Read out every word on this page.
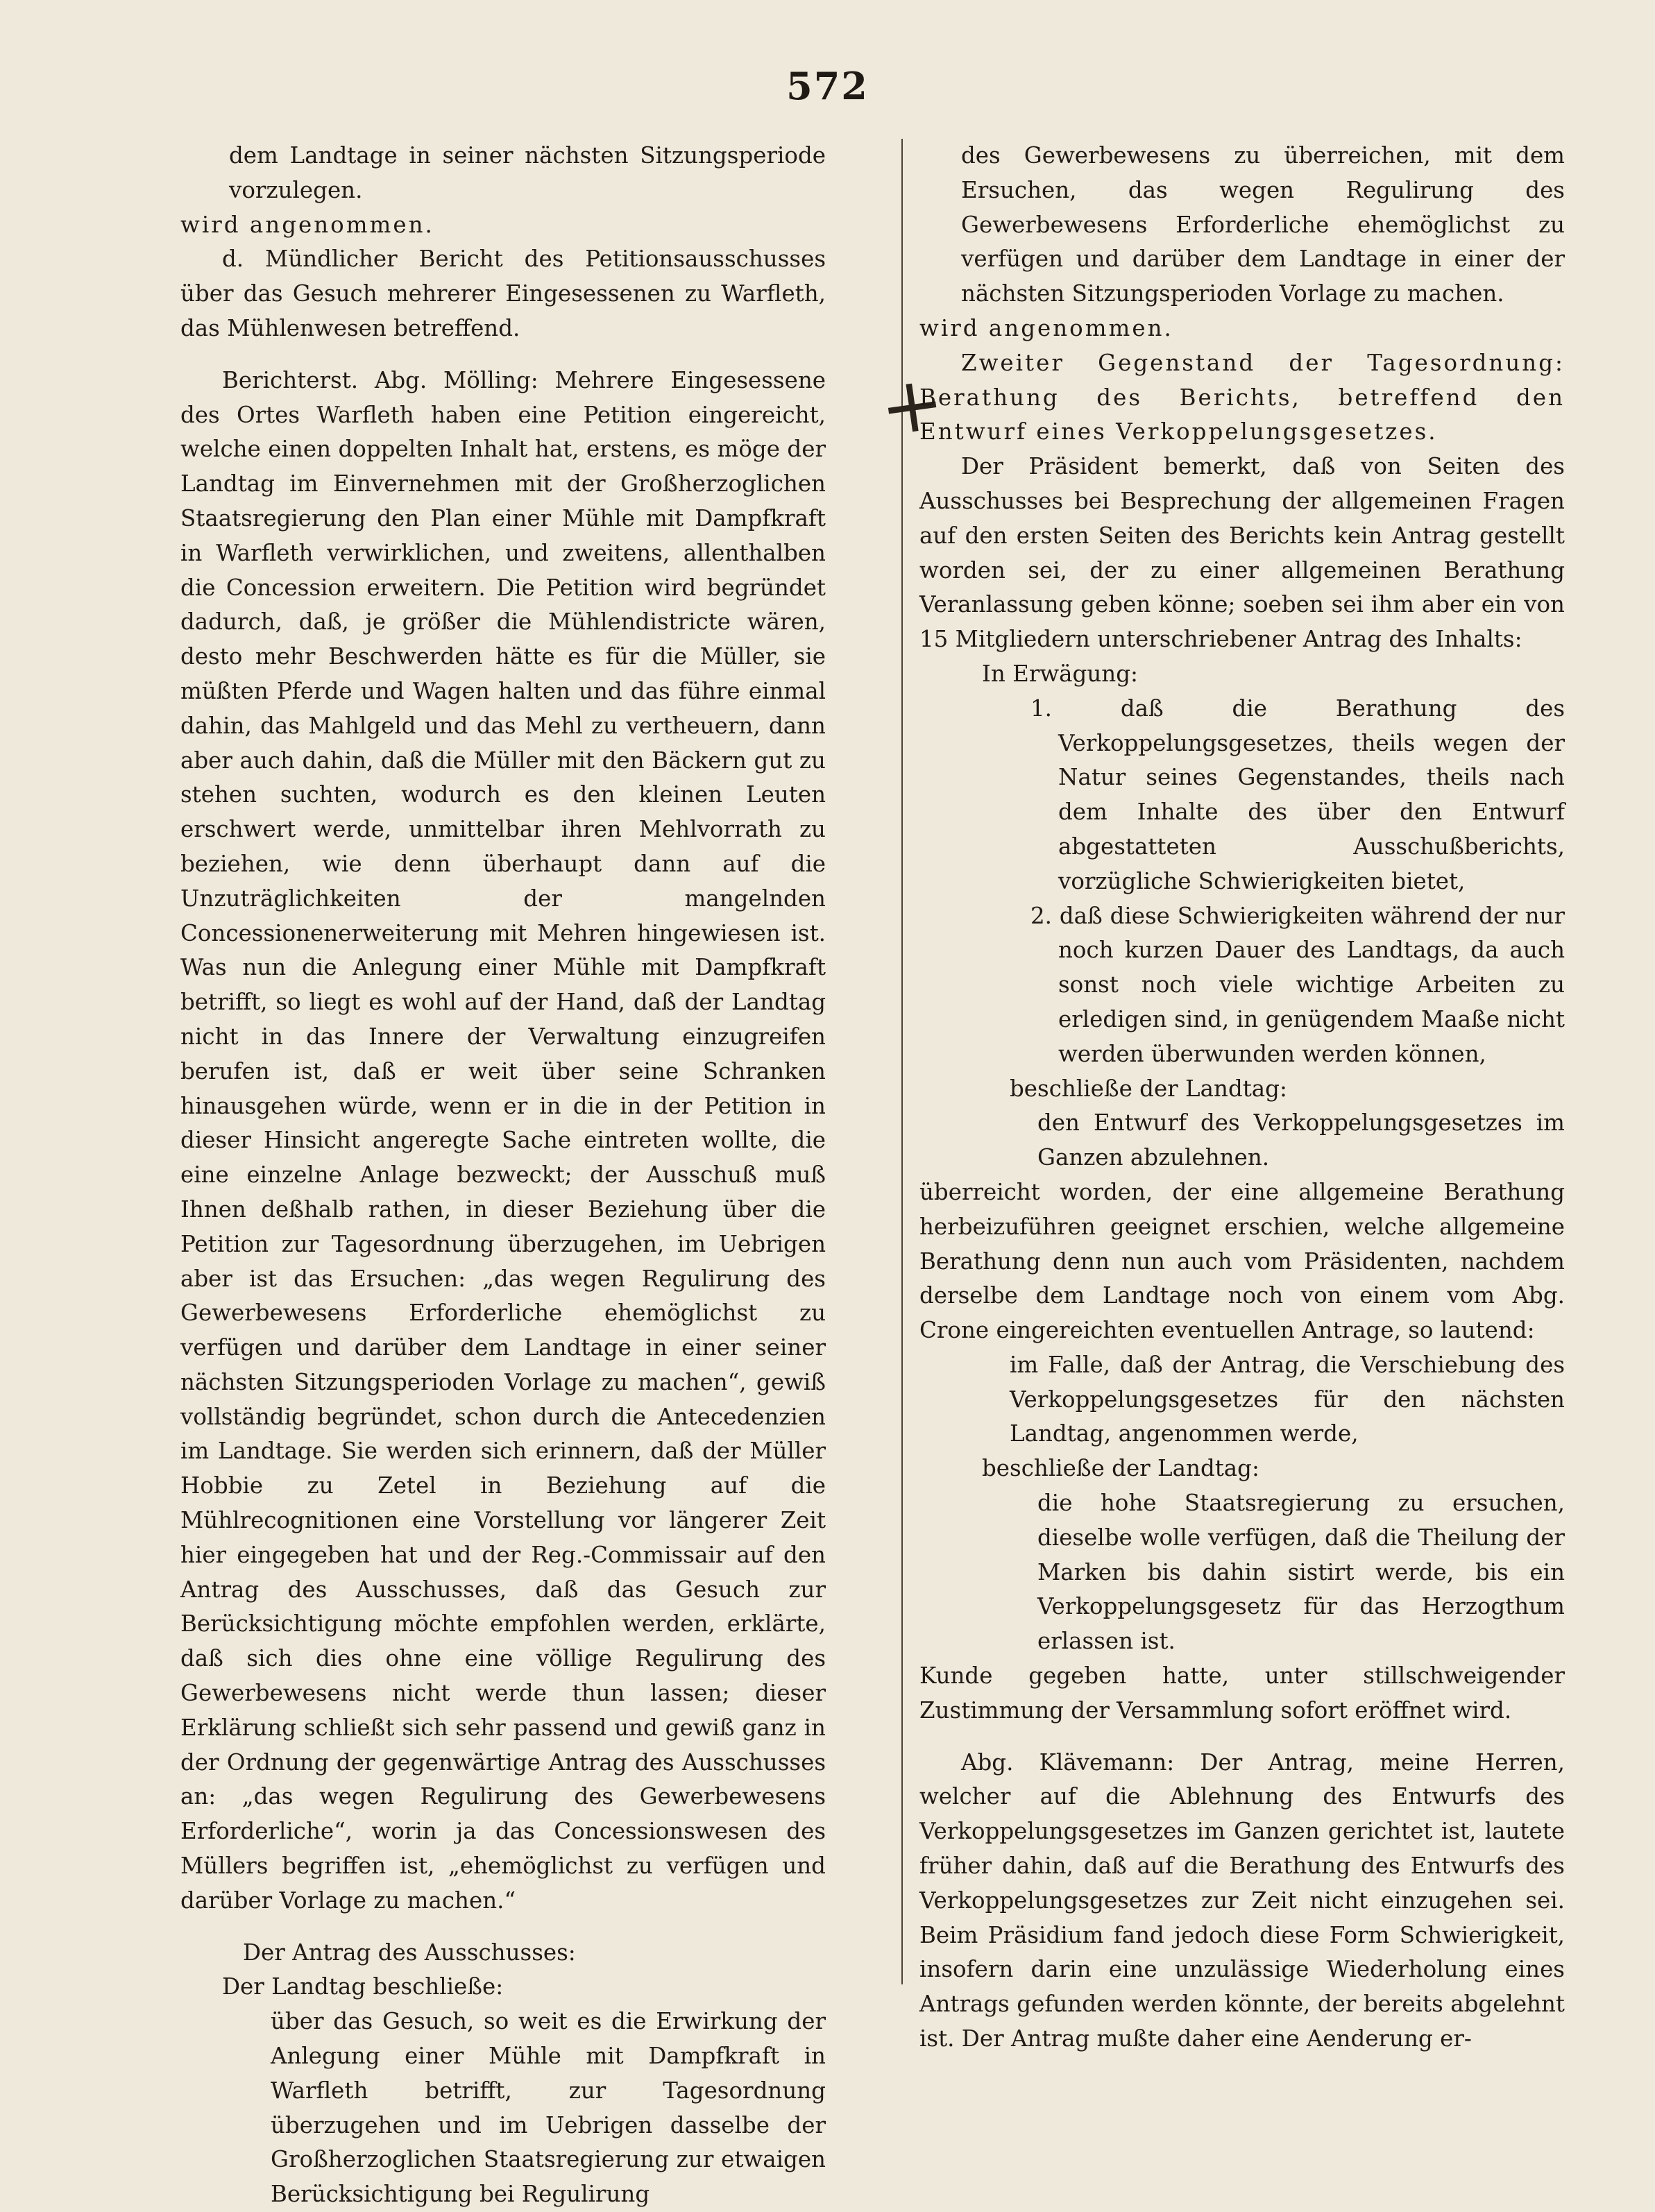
572

dem Landtage in seiner nächsten Sitzungsperiode vorzulegen.

wird angenommen.

d. Mündlicher Bericht des Petitionsausschusses über das Gesuch mehrerer Eingesessenen zu Warfleth, das Mühlenwesen betreffend.

Berichterst. Abg. Mölling: Mehrere Eingesessene des Ortes Warfleth haben eine Petition eingereicht, welche einen doppelten Inhalt hat, erstens, es möge der Landtag im Einvernehmen mit der Großherzoglichen Staatsregierung den Plan einer Mühle mit Dampfkraft in Warfleth verwirklichen, und zweitens, allenthalben die Concession erweitern. Die Petition wird begründet dadurch, daß, je größer die Mühlendistricte wären, desto mehr Beschwerden hätte es für die Müller, sie müßten Pferde und Wagen halten und das führe einmal dahin, das Mahlgeld und das Mehl zu vertheuern, dann aber auch dahin, daß die Müller mit den Bäckern gut zu stehen suchten, wodurch es den kleinen Leuten erschwert werde, unmittelbar ihren Mehlvorrath zu beziehen, wie denn überhaupt dann auf die Unzuträglichkeiten der mangelnden Concessionenerweiterung mit Mehren hingewiesen ist. Was nun die Anlegung einer Mühle mit Dampfkraft betrifft, so liegt es wohl auf der Hand, daß der Landtag nicht in das Innere der Verwaltung einzugreifen berufen ist, daß er weit über seine Schranken hinausgehen würde, wenn er in die in der Petition in dieser Hinsicht angeregte Sache eintreten wollte, die eine einzelne Anlage bezweckt; der Ausschuß muß Ihnen deßhalb rathen, in dieser Beziehung über die Petition zur Tagesordnung überzugehen, im Uebrigen aber ist das Ersuchen: „das wegen Regulirung des Gewerbewesens Erforderliche ehemöglichst zu verfügen und darüber dem Landtage in einer seiner nächsten Sitzungsperioden Vorlage zu machen“, gewiß vollständig begründet, schon durch die Antecedenzien im Landtage. Sie werden sich erinnern, daß der Müller Hobbie zu Zetel in Beziehung auf die Mühlrecognitionen eine Vorstellung vor längerer Zeit hier eingegeben hat und der Reg.-Commissair auf den Antrag des Ausschusses, daß das Gesuch zur Berücksichtigung möchte empfohlen werden, erklärte, daß sich dies ohne eine völlige Regulirung des Gewerbewesens nicht werde thun lassen; dieser Erklärung schließt sich sehr passend und gewiß ganz in der Ordnung der gegenwärtige Antrag des Ausschusses an: „das wegen Regulirung des Gewerbewesens Erforderliche“, worin ja das Concessionswesen des Müllers begriffen ist, „ehemöglichst zu verfügen und darüber Vorlage zu machen.“

Der Antrag des Ausschusses:

Der Landtag beschließe:

über das Gesuch, so weit es die Erwirkung der Anlegung einer Mühle mit Dampfkraft in Warfleth betrifft, zur Tagesordnung überzugehen und im Uebrigen dasselbe der Großherzoglichen Staatsregierung zur etwaigen Berücksichtigung bei Regulirung

+

des Gewerbewesens zu überreichen, mit dem Ersuchen, das wegen Regulirung des Gewerbewesens Erforderliche ehemöglichst zu verfügen und darüber dem Landtage in einer der nächsten Sitzungsperioden Vorlage zu machen.

wird angenommen.

Zweiter Gegenstand der Tagesordnung: Berathung des Berichts, betreffend den Entwurf eines Verkoppelungsgesetzes.

Der Präsident bemerkt, daß von Seiten des Ausschusses bei Besprechung der allgemeinen Fragen auf den ersten Seiten des Berichts kein Antrag gestellt worden sei, der zu einer allgemeinen Berathung Veranlassung geben könne; soeben sei ihm aber ein von 15 Mitgliedern unterschriebener Antrag des Inhalts:

In Erwägung:

1. daß die Berathung des Verkoppelungsgesetzes, theils wegen der Natur seines Gegenstandes, theils nach dem Inhalte des über den Entwurf abgestatteten Ausschußberichts, vorzügliche Schwierigkeiten bietet,

2. daß diese Schwierigkeiten während der nur noch kurzen Dauer des Landtags, da auch sonst noch viele wichtige Arbeiten zu erledigen sind, in genügendem Maaße nicht werden überwunden werden können,

beschließe der Landtag:

den Entwurf des Verkoppelungsgesetzes im Ganzen abzulehnen.

überreicht worden, der eine allgemeine Berathung herbeizuführen geeignet erschien, welche allgemeine Berathung denn nun auch vom Präsidenten, nachdem derselbe dem Landtage noch von einem vom Abg. Crone eingereichten eventuellen Antrage, so lautend:

im Falle, daß der Antrag, die Verschiebung des Verkoppelungsgesetzes für den nächsten Landtag, angenommen werde,

beschließe der Landtag:

die hohe Staatsregierung zu ersuchen, dieselbe wolle verfügen, daß die Theilung der Marken bis dahin sistirt werde, bis ein Verkoppelungsgesetz für das Herzogthum erlassen ist.

Kunde gegeben hatte, unter stillschweigender Zustimmung der Versammlung sofort eröffnet wird.

Abg. Klävemann: Der Antrag, meine Herren, welcher auf die Ablehnung des Entwurfs des Verkoppelungsgesetzes im Ganzen gerichtet ist, lautete früher dahin, daß auf die Berathung des Entwurfs des Verkoppelungsgesetzes zur Zeit nicht einzugehen sei. Beim Präsidium fand jedoch diese Form Schwierigkeit, insofern darin eine unzulässige Wiederholung eines Antrags gefunden werden könnte, der bereits abgelehnt ist. Der Antrag mußte daher eine Aenderung er-
